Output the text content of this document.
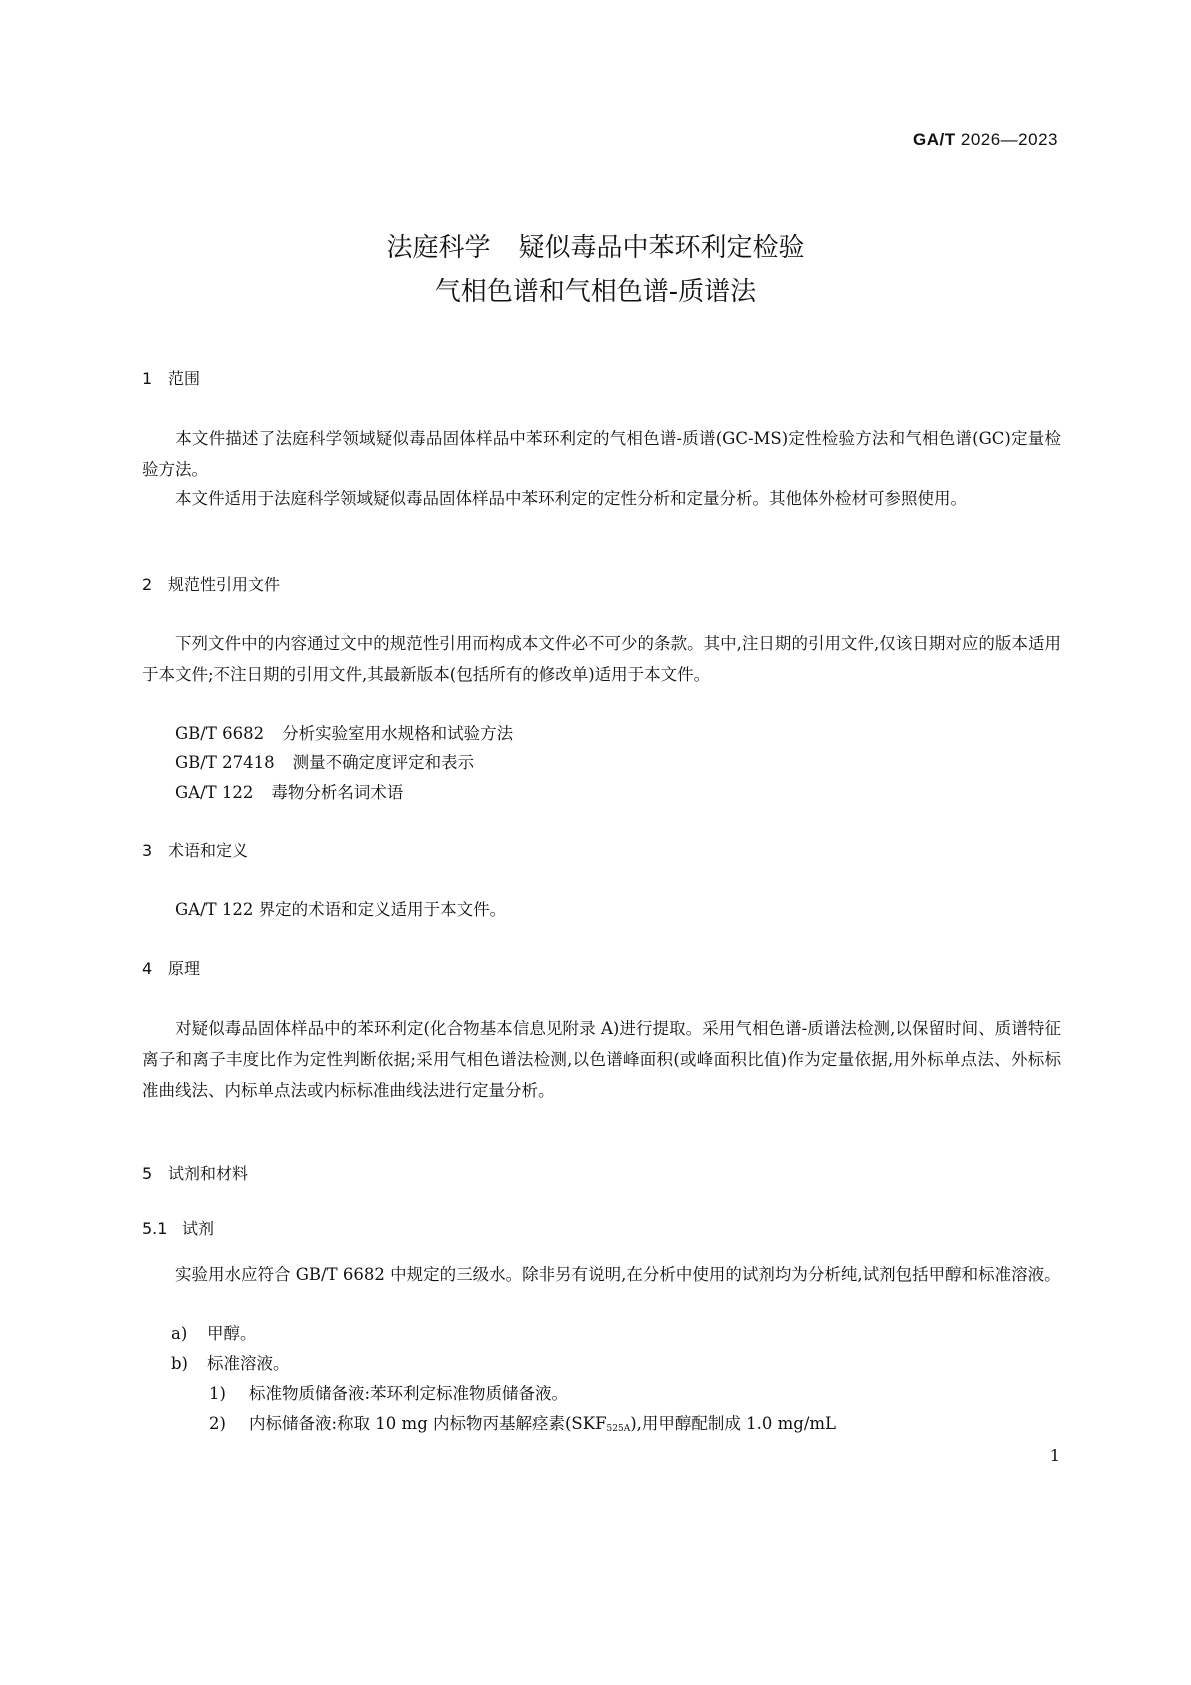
GA/T 2026—2023
法庭科学 疑似毒品中苯环利定检验
气相色谱和气相色谱-质谱法
1 范围
本文件描述了法庭科学领域疑似毒品固体样品中苯环利定的气相色谱-质谱(GC-MS)定性检验方法和气相色谱(GC)定量检验方法。
本文件适用于法庭科学领域疑似毒品固体样品中苯环利定的定性分析和定量分析。其他体外检材可参照使用。
2 规范性引用文件
下列文件中的内容通过文中的规范性引用而构成本文件必不可少的条款。其中,注日期的引用文件,仅该日期对应的版本适用于本文件;不注日期的引用文件,其最新版本(包括所有的修改单)适用于本文件。
GB/T 6682 分析实验室用水规格和试验方法
GB/T 27418 测量不确定度评定和表示
GA/T 122 毒物分析名词术语
3 术语和定义
GA/T 122 界定的术语和定义适用于本文件。
4 原理
对疑似毒品固体样品中的苯环利定(化合物基本信息见附录 A)进行提取。采用气相色谱-质谱法检测,以保留时间、质谱特征离子和离子丰度比作为定性判断依据;采用气相色谱法检测,以色谱峰面积(或峰面积比值)作为定量依据,用外标单点法、外标标准曲线法、内标单点法或内标标准曲线法进行定量分析。
5 试剂和材料
5.1 试剂
实验用水应符合 GB/T 6682 中规定的三级水。除非另有说明,在分析中使用的试剂均为分析纯,试剂包括甲醇和标准溶液。
a) 甲醇。
b) 标准溶液。
1) 标准物质储备液:苯环利定标准物质储备液。
2) 内标储备液:称取 10 mg 内标物丙基解痉素$(SKF_{525A})$,用甲醇配制成 1.0 mg/mL
1
